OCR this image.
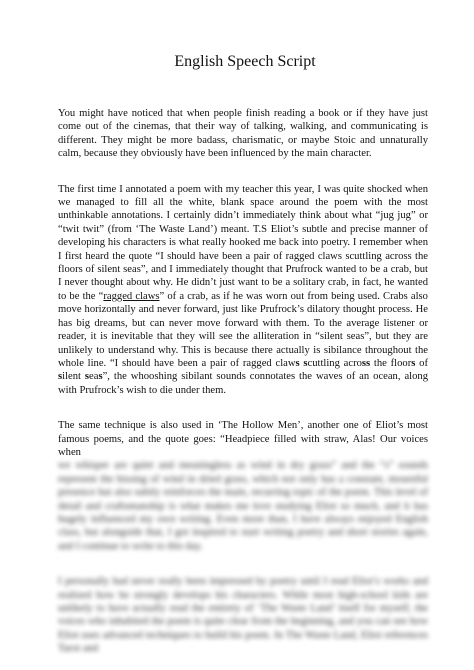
English Speech Script

You might have noticed that when people finish reading a book or if they have just come out of the cinemas, that their way of talking, walking, and communicating is different. They might be more badass, charismatic, or maybe Stoic and unnaturally calm, because they obviously have been influenced by the main character.

The first time I annotated a poem with my teacher this year, I was quite shocked when we managed to fill all the white, blank space around the poem with the most unthinkable annotations. I certainly didn’t immediately think about what “jug jug” or “twit twit” (from ‘The Waste Land’) meant. T.S Eliot’s subtle and precise manner of developing his characters is what really hooked me back into poetry. I remember when I first heard the quote “I should have been a pair of ragged claws scuttling across the floors of silent seas”, and I immediately thought that Prufrock wanted to be a crab, but I never thought about why. He didn’t just want to be a solitary crab, in fact, he wanted to be the “ragged claws” of a crab, as if he was worn out from being used. Crabs also move horizontally and never forward, just like Prufrock’s dilatory thought process. He has big dreams, but can never move forward with them. To the average listener or reader, it is inevitable that they will see the alliteration in “silent seas”, but they are unlikely to understand why. This is because there actually is sibilance throughout the whole line. “I should have been a pair of ragged claws scuttling across the floors of silent seas”, the whooshing sibilant sounds connotates the waves of an ocean, along with Prufrock’s wish to die under them.

The same technique is also used in ‘The Hollow Men’, another one of Eliot’s most famous poems, and the quote goes: “Headpiece filled with straw, Alas! Our voices when

we whisper are quiet and meaningless as wind in dry grass” and the “s” sounds represent the hissing of wind in dried grass, which not only has a constant, mournful presence but also subtly reinforces the main, recurring topic of the poem. This level of detail and craftsmanship is what makes me love studying Eliot so much, and it has hugely influenced my own writing. Even more than, I have always enjoyed English class, but alongside that, I got inspired to start writing poetry and short stories again, and I continue to write to this day.

I personally had never really been impressed by poetry until I read Eliot’s works and realized how he strongly develops his characters. While most high-school kids are unlikely to have actually read the entirety of ‘The Waste Land’ itself for myself, the voices who inhabited the poem is quite clear from the beginning, and you can see how Eliot uses advanced techniques to build his poem. In The Waste Land, Eliot references Tarot and
